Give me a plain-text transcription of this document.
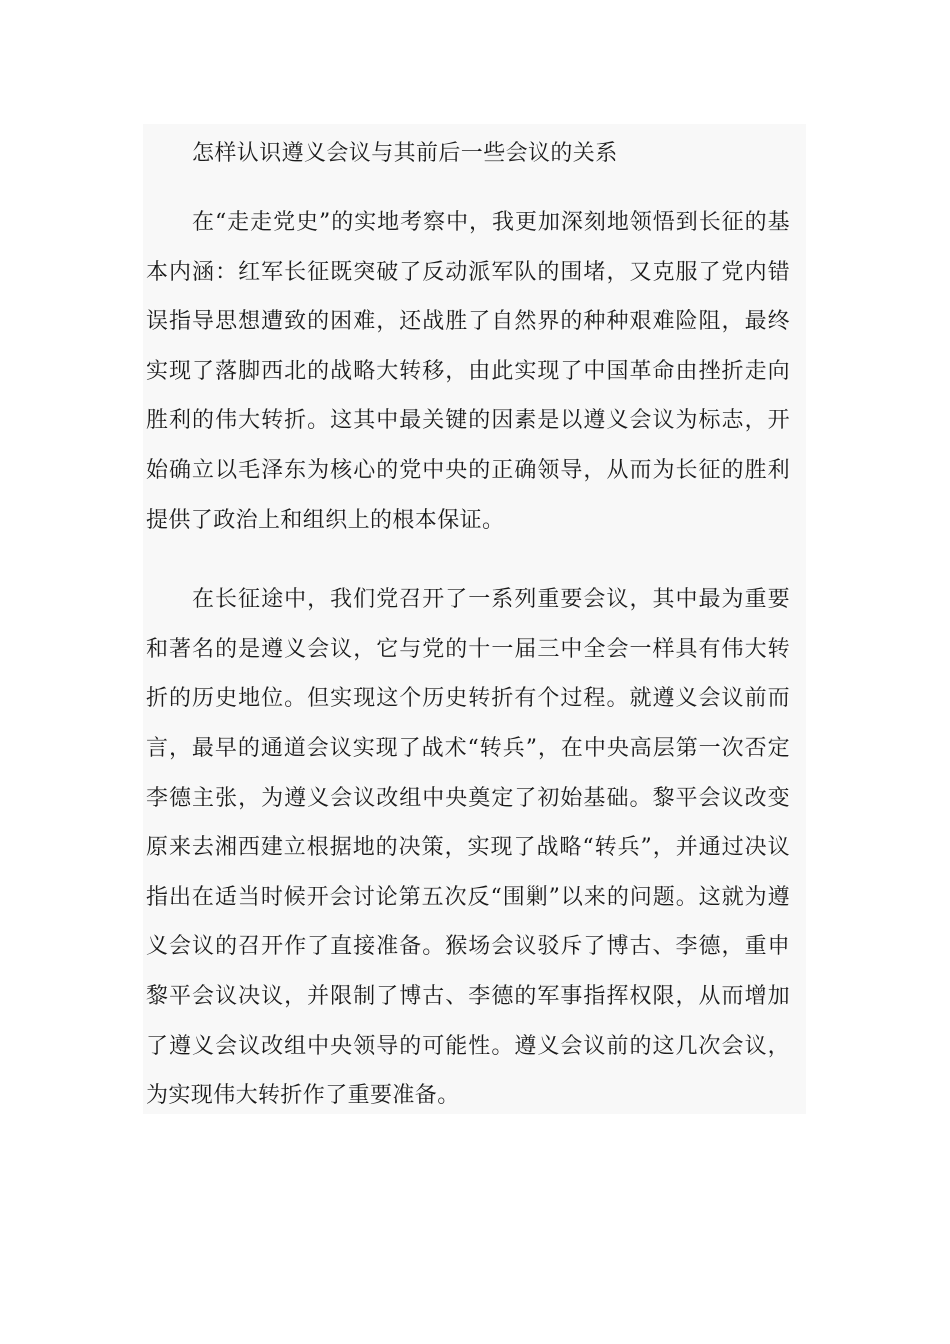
怎样认识遵义会议与其前后一些会议的关系

在“走走党史”的实地考察中，我更加深刻地领悟到长征的基本内涵：红军长征既突破了反动派军队的围堵，又克服了党内错误指导思想遭致的困难，还战胜了自然界的种种艰难险阻，最终实现了落脚西北的战略大转移，由此实现了中国革命由挫折走向胜利的伟大转折。这其中最关键的因素是以遵义会议为标志，开始确立以毛泽东为核心的党中央的正确领导，从而为长征的胜利提供了政治上和组织上的根本保证。

在长征途中，我们党召开了一系列重要会议，其中最为重要和著名的是遵义会议，它与党的十一届三中全会一样具有伟大转折的历史地位。但实现这个历史转折有个过程。就遵义会议前而言，最早的通道会议实现了战术“转兵”，在中央高层第一次否定李德主张，为遵义会议改组中央奠定了初始基础。黎平会议改变原来去湘西建立根据地的决策，实现了战略“转兵”，并通过决议指出在适当时候开会讨论第五次反“围剿”以来的问题。这就为遵义会议的召开作了直接准备。猴场会议驳斥了博古、李德，重申黎平会议决议，并限制了博古、李德的军事指挥权限，从而增加了遵义会议改组中央领导的可能性。遵义会议前的这几次会议，为实现伟大转折作了重要准备。
